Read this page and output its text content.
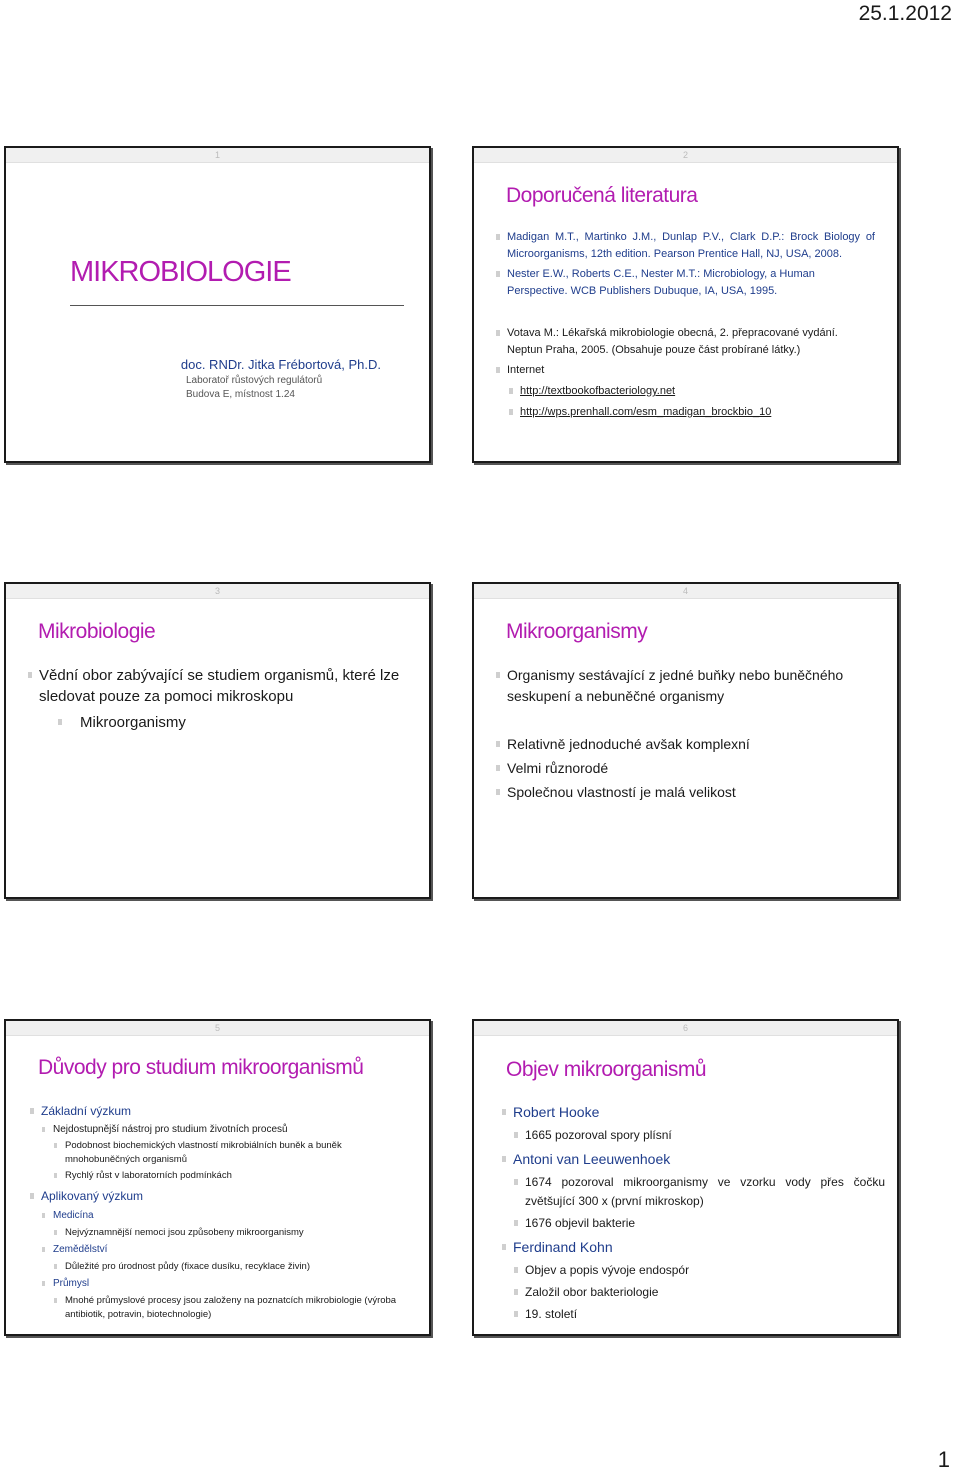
25.1.2012
1
MIKROBIOLOGIE
doc. RNDr. Jitka Frébortová, Ph.D.
Laboratoř růstových regulátorů
Budova E, místnost 1.24
2
Doporučená literatura
Madigan M.T., Martinko J.M., Dunlap P.V., Clark D.P.: Brock Biology of Microorganisms, 12th edition. Pearson Prentice Hall, NJ, USA, 2008.
Nester E.W., Roberts C.E., Nester M.T.: Microbiology, a Human Perspective. WCB Publishers Dubuque, IA, USA, 1995.
Votava M.: Lékařská mikrobiologie obecná, 2. přepracované vydání. Neptun Praha, 2005. (Obsahuje pouze část probírané látky.)
Internet
http://textbookofbacteriology.net
http://wps.prenhall.com/esm_madigan_brockbio_10
3
Mikrobiologie
Vědní obor zabývající se studiem organismů, které lze sledovat pouze za pomoci mikroskopu
Mikroorganismy
4
Mikroorganismy
Organismy sestávající z jedné buňky nebo buněčného seskupení a nebuněčné organismy
Relativně jednoduché avšak komplexní
Velmi různorodé
Společnou vlastností je malá velikost
5
Důvody pro studium mikroorganismů
Základní výzkum
Nejdostupnější nástroj pro studium životních procesů
Podobnost biochemických vlastností mikrobiálních buněk a buněk mnohobuněčných organismů
Rychlý růst v laboratorních podmínkách
Aplikovaný výzkum
Medicína
Nejvýznamnější nemoci jsou způsobeny mikroorganismy
Zemědělství
Důležité pro úrodnost půdy (fixace dusíku, recyklace živin)
Průmysl
Mnohé průmyslové procesy jsou založeny na poznatcích mikrobiologie (výroba antibiotik, potravin, biotechnologie)
6
Objev mikroorganismů
Robert Hooke
1665 pozoroval spory plísní
Antoni van Leeuwenhoek
1674 pozoroval mikroorganismy ve vzorku vody přes čočku zvětšující 300 x (první mikroskop)
1676 objevil bakterie
Ferdinand Kohn
Objev a popis vývoje endospór
Založil obor bakteriologie
19. století
1
